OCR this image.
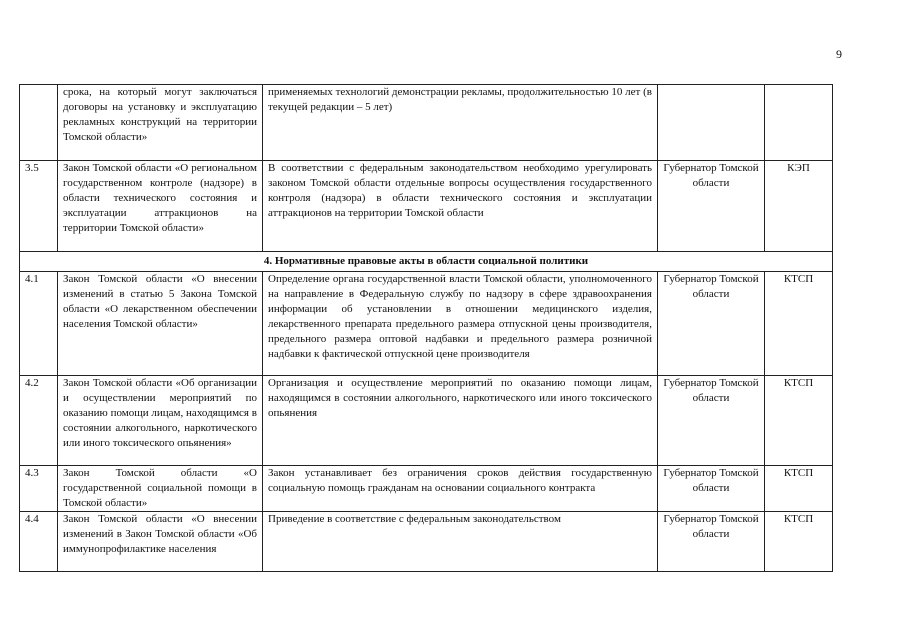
9
	срока, на который могут заключаться договоры на установку и эксплуатацию рекламных конструкций на территории Томской области»	применяемых технологий демонстрации рекламы, продолжительностью 10 лет (в текущей редакции – 5 лет)		
3.5	Закон Томской области «О региональном государственном контроле (надзоре) в области технического состояния и эксплуатации аттракционов на территории Томской области»	В соответствии с федеральным законодательством необходимо урегулировать законом Томской области отдельные вопросы осуществления государственного контроля (надзора) в области технического состояния и эксплуатации аттракционов на территории Томской области	Губернатор Томской области	КЭП
4. Нормативные правовые акты в области социальной политики				
4.1	Закон Томской области «О внесении изменений в статью 5 Закона Томской области «О лекарственном обеспечении населения Томской области»	Определение органа государственной власти Томской области, уполномоченного на направление в Федеральную службу по надзору в сфере здравоохранения информации об установлении в отношении медицинского изделия, лекарственного препарата предельного размера отпускной цены производителя, предельного размера оптовой надбавки и предельного размера розничной надбавки к фактической отпускной цене производителя	Губернатор Томской области	КТСП
4.2	Закон Томской области «Об организации и осуществлении мероприятий по оказанию помощи лицам, находящимся в состоянии алкогольного, наркотического или иного токсического опьянения»	Организация и осуществление мероприятий по оказанию помощи лицам, находящимся в состоянии алкогольного, наркотического или иного токсического опьянения	Губернатор Томской области	КТСП
4.3	Закон Томской области «О государственной социальной помощи в Томской области»	Закон устанавливает без ограничения сроков действия государственную социальную помощь гражданам на основании социального контракта	Губернатор Томской области	КТСП
4.4	Закон Томской области «О внесении изменений в Закон Томской области «Об иммунопрофилактике населения	Приведение в соответствие с федеральным законодательством	Губернатор Томской области	КТСП
